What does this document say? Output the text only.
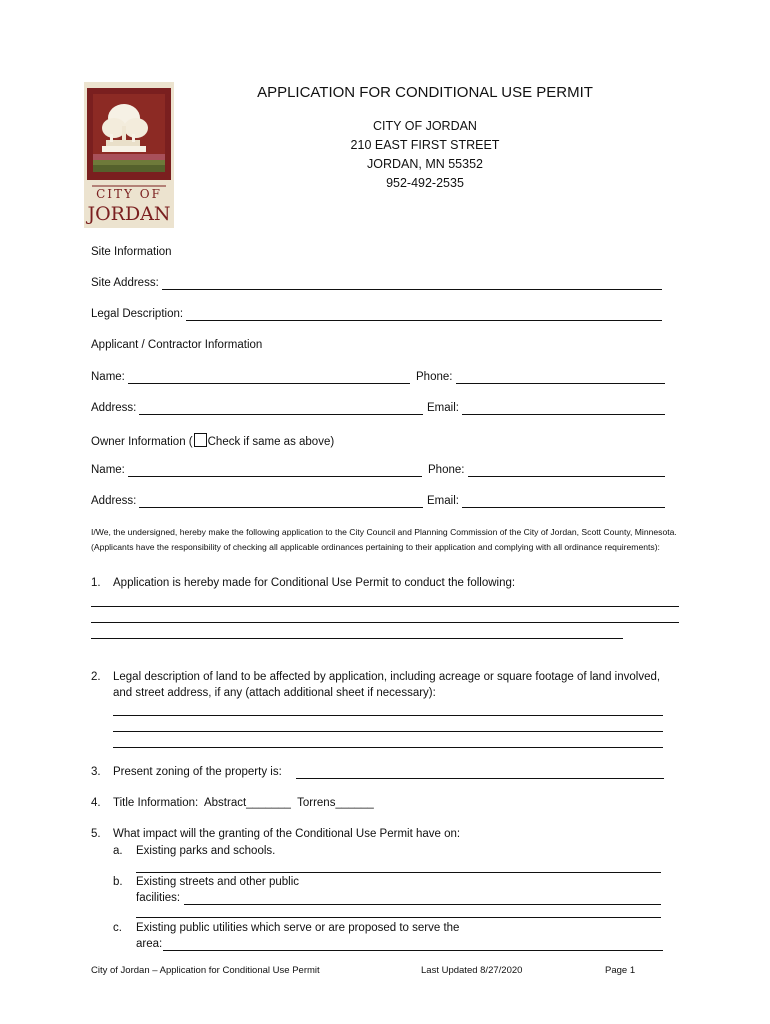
CITY OF
JORDAN
APPLICATION FOR CONDITIONAL USE PERMIT
CITY OF JORDAN
210 EAST FIRST STREET
JORDAN, MN 55352
952-492-2535
Site Information
Site Address:
Legal Description:
Applicant / Contractor Information
Name:	Phone:
Address:	Email:
Owner Information ( Check if same as above)
Name:	Phone:
Address:	Email:
I/We, the undersigned, hereby make the following application to the City Council and Planning Commission of the City of Jordan, Scott County, Minnesota. (Applicants have the responsibility of checking all applicable ordinances pertaining to their application and complying with all ordinance requirements):
1. Application is hereby made for Conditional Use Permit to conduct the following:
2. Legal description of land to be affected by application, including acreage or square footage of land involved,
and street address, if any (attach additional sheet if necessary):
3. Present zoning of the property is:
4. Title Information:  Abstract_______  Torrens______
5. What impact will the granting of the Conditional Use Permit have on:
a. Existing parks and schools.
b. Existing streets and other public
facilities:
c. Existing public utilities which serve or are proposed to serve the
area:
City of Jordan – Application for Conditional Use Permit	Last Updated 8/27/2020	Page 1
